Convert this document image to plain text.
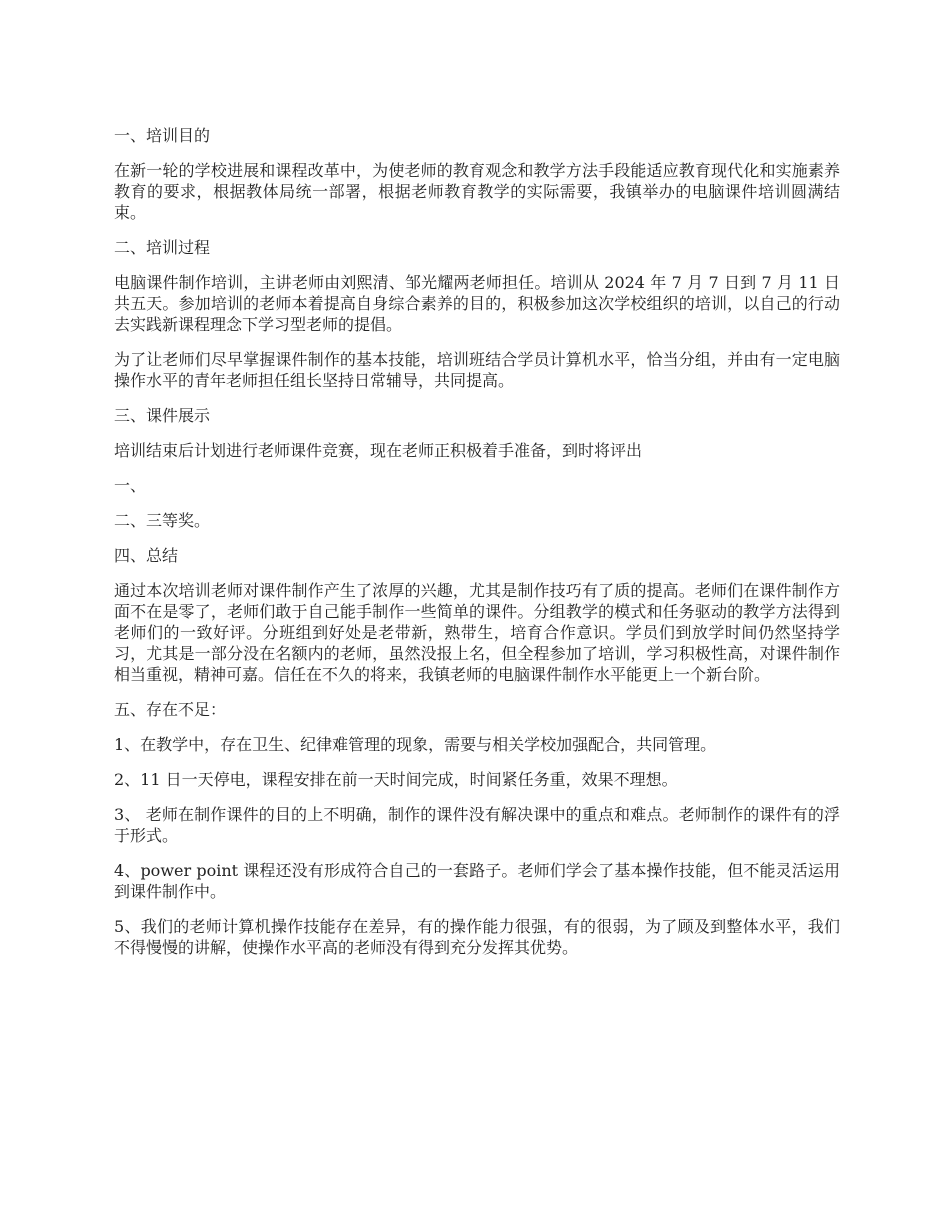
一、培训目的

在新一轮的学校进展和课程改革中，为使老师的教育观念和教学方法手段能适应教育现代化和实施素养教育的要求，根据教体局统一部署，根据老师教育教学的实际需要，我镇举办的电脑课件培训圆满结束。

二、培训过程

电脑课件制作培训，主讲老师由刘熙清、邹光耀两老师担任。培训从 2024 年 7 月 7 日到 7 月 11 日共五天。参加培训的老师本着提高自身综合素养的目的，积极参加这次学校组织的培训，以自己的行动去实践新课程理念下学习型老师的提倡。

为了让老师们尽早掌握课件制作的基本技能，培训班结合学员计算机水平，恰当分组，并由有一定电脑操作水平的青年老师担任组长坚持日常辅导，共同提高。

三、课件展示

培训结束后计划进行老师课件竞赛，现在老师正积极着手准备，到时将评出

一、

二、三等奖。

四、总结

通过本次培训老师对课件制作产生了浓厚的兴趣，尤其是制作技巧有了质的提高。老师们在课件制作方面不在是零了，老师们敢于自己能手制作一些简单的课件。分组教学的模式和任务驱动的教学方法得到老师们的一致好评。分班组到好处是老带新，熟带生，培育合作意识。学员们到放学时间仍然坚持学习，尤其是一部分没在名额内的老师，虽然没报上名，但全程参加了培训，学习积极性高，对课件制作相当重视，精神可嘉。信任在不久的将来，我镇老师的电脑课件制作水平能更上一个新台阶。

五、存在不足：

1、在教学中，存在卫生、纪律难管理的现象，需要与相关学校加强配合，共同管理。

2、11 日一天停电，课程安排在前一天时间完成，时间紧任务重，效果不理想。

3、 老师在制作课件的目的上不明确，制作的课件没有解决课中的重点和难点。老师制作的课件有的浮于形式。

4、power point 课程还没有形成符合自己的一套路子。老师们学会了基本操作技能，但不能灵活运用到课件制作中。

5、我们的老师计算机操作技能存在差异，有的操作能力很强，有的很弱，为了顾及到整体水平，我们不得慢慢的讲解，使操作水平高的老师没有得到充分发挥其优势。
